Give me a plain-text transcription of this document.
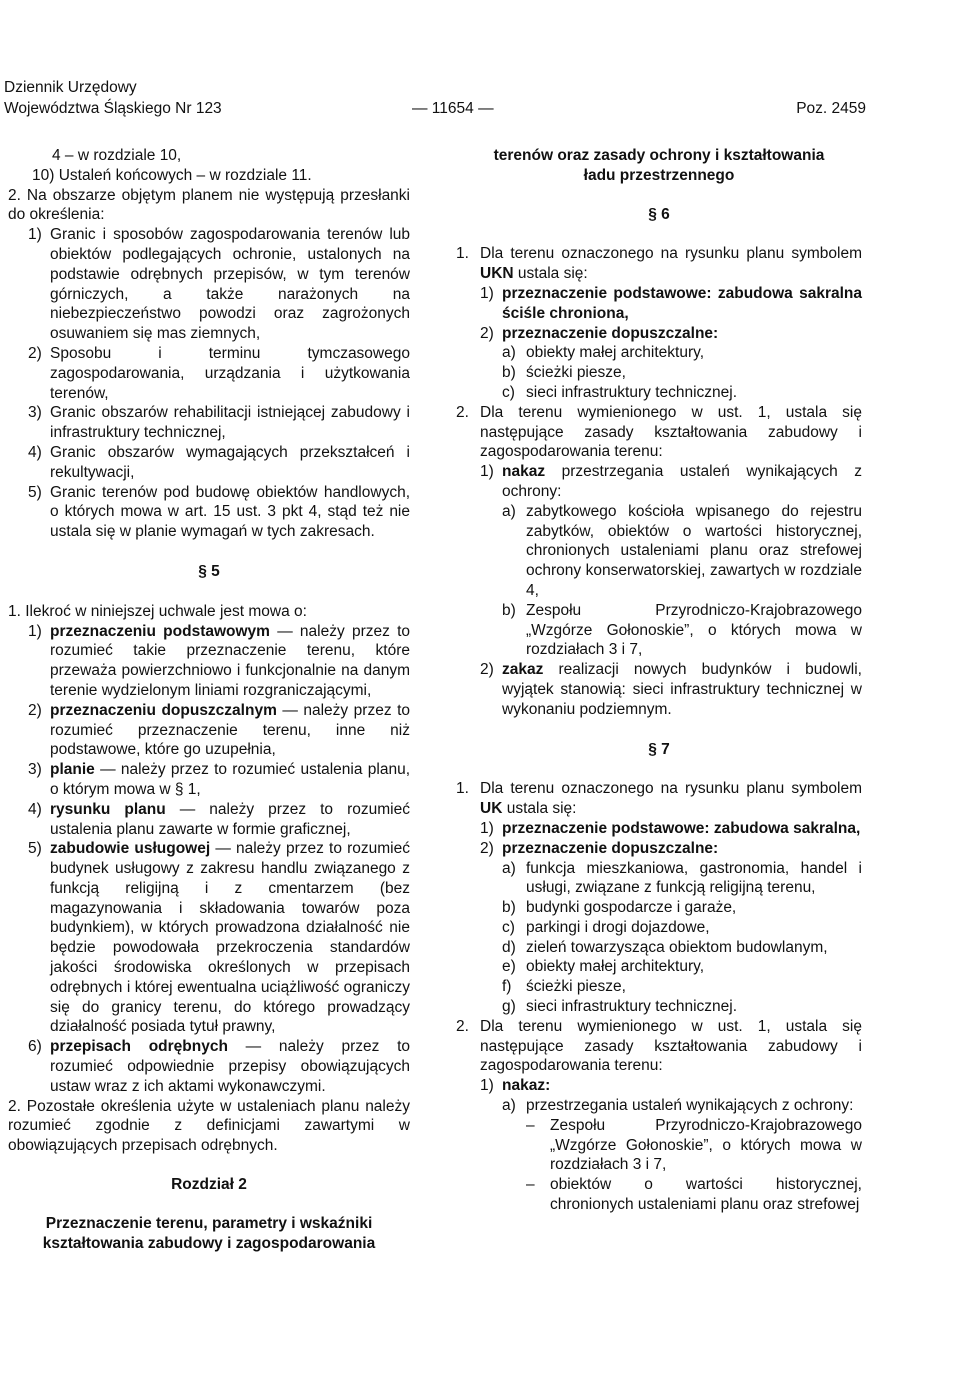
Dziennik Urzędowy
Województwa Śląskiego Nr 123	— 11654 —	Poz. 2459
4 – w rozdziale 10,
10) Ustaleń końcowych – w rozdziale 11.
2. Na obszarze objętym planem nie występują przesłanki do określenia:
1) Granic i sposobów zagospodarowania terenów lub obiektów podlegających ochronie, ustalonych na podstawie odrębnych przepisów, w tym terenów górniczych, a także narażonych na niebezpieczeństwo powodzi oraz zagrożonych osuwaniem się mas ziemnych,
2) Sposobu i terminu tymczasowego zagospodarowania, urządzania i użytkowania terenów,
3) Granic obszarów rehabilitacji istniejącej zabudowy i infrastruktury technicznej,
4) Granic obszarów wymagających przekształceń i rekultywacji,
5) Granic terenów pod budowę obiektów handlowych, o których mowa w art. 15 ust. 3 pkt 4, stąd też nie ustala się w planie wymagań w tych zakresach.
§ 5
1. Ilekroć w niniejszej uchwale jest mowa o:
1) przeznaczeniu podstawowym — należy przez to rozumieć takie przeznaczenie terenu, które przeważa powierzchniowo i funkcjonalnie na danym terenie wydzielonym liniami rozgraniczającymi,
2) przeznaczeniu dopuszczalnym — należy przez to rozumieć przeznaczenie terenu, inne niż podstawowe, które go uzupełnia,
3) planie — należy przez to rozumieć ustalenia planu, o którym mowa w § 1,
4) rysunku planu — należy przez to rozumieć ustalenia planu zawarte w formie graficznej,
5) zabudowie usługowej — należy przez to rozumieć budynek usługowy z zakresu handlu związanego z funkcją religijną i z cmentarzem (bez magazynowania i składowania towarów poza budynkiem), w których prowadzona działalność nie będzie powodowała przekroczenia standardów jakości środowiska określonych w przepisach odrębnych i której ewentualna uciążliwość ograniczy się do granicy terenu, do którego prowadzący działalność posiada tytuł prawny,
6) przepisach odrębnych — należy przez to rozumieć odpowiednie przepisy obowiązujących ustaw wraz z ich aktami wykonawczymi.
2. Pozostałe określenia użyte w ustaleniach planu należy rozumieć zgodnie z definicjami zawartymi w obowiązujących przepisach odrębnych.
Rozdział 2
Przeznaczenie terenu, parametry i wskaźniki
kształtowania zabudowy i zagospodarowania
terenów oraz zasady ochrony i kształtowania
ładu przestrzennego
§ 6
1. Dla terenu oznaczonego na rysunku planu symbolem UKN ustala się:
1) przeznaczenie podstawowe: zabudowa sakralna ściśle chroniona,
2) przeznaczenie dopuszczalne:
a) obiekty małej architektury,
b) ścieżki piesze,
c) sieci infrastruktury technicznej.
2. Dla terenu wymienionego w ust. 1, ustala się następujące zasady kształtowania zabudowy i zagospodarowania terenu:
1) nakaz przestrzegania ustaleń wynikających z ochrony:
a) zabytkowego kościoła wpisanego do rejestru zabytków, obiektów o wartości historycznej, chronionych ustaleniami planu oraz strefowej ochrony konserwatorskiej, zawartych w rozdziale 4,
b) Zespołu Przyrodniczo-Krajobrazowego „Wzgórze Gołonoskie”, o których mowa w rozdziałach 3 i 7,
2) zakaz realizacji nowych budynków i budowli, wyjątek stanowią: sieci infrastruktury technicznej w wykonaniu podziemnym.
§ 7
1. Dla terenu oznaczonego na rysunku planu symbolem UK ustala się:
1) przeznaczenie podstawowe: zabudowa sakralna,
2) przeznaczenie dopuszczalne:
a) funkcja mieszkaniowa, gastronomia, handel i usługi, związane z funkcją religijną terenu,
b) budynki gospodarcze i garaże,
c) parkingi i drogi dojazdowe,
d) zieleń towarzysząca obiektom budowlanym,
e) obiekty małej architektury,
f) ścieżki piesze,
g) sieci infrastruktury technicznej.
2. Dla terenu wymienionego w ust. 1, ustala się następujące zasady kształtowania zabudowy i zagospodarowania terenu:
1) nakaz:
a) przestrzegania ustaleń wynikających z ochrony:
– Zespołu Przyrodniczo-Krajobrazowego „Wzgórze Gołonoskie”, o których mowa w rozdziałach 3 i 7,
– obiektów o wartości historycznej, chronionych ustaleniami planu oraz strefowej
